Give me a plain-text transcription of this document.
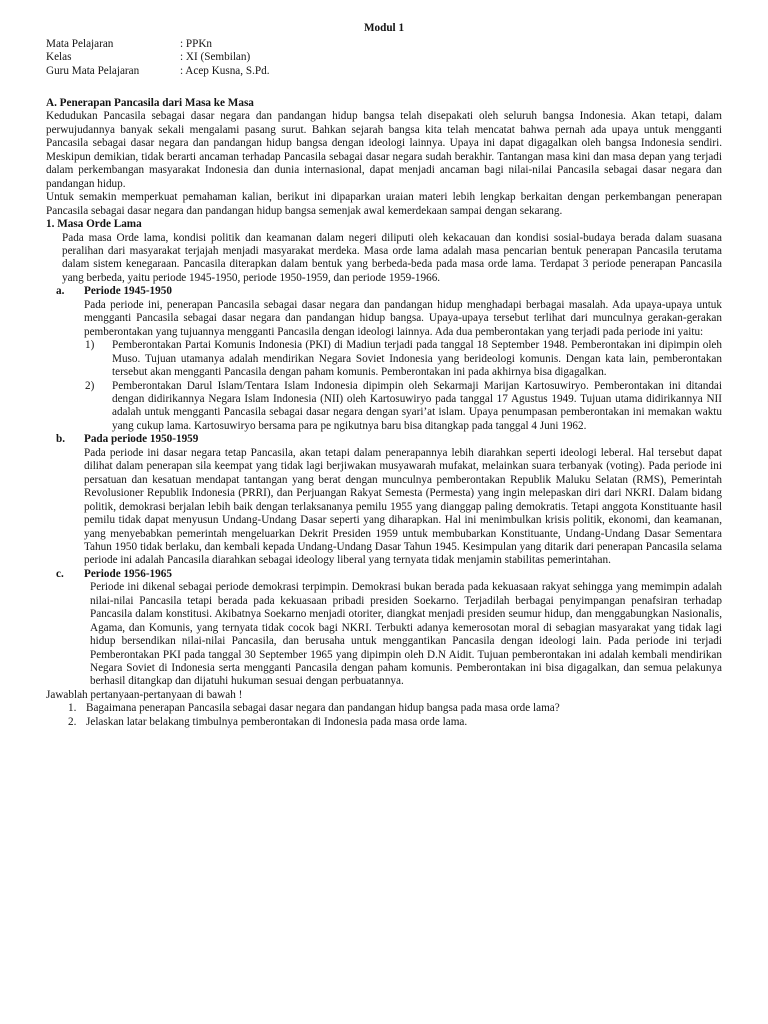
Modul 1
Mata Pelajaran	: PPKn
Kelas	: XI (Sembilan)
Guru Mata Pelajaran	: Acep Kusna, S.Pd.
A. Penerapan Pancasila dari Masa ke Masa

Kedudukan Pancasila sebagai dasar negara dan pandangan hidup bangsa telah disepakati oleh seluruh bangsa Indonesia. Akan tetapi, dalam perwujudannya banyak sekali mengalami pasang surut. Bahkan sejarah bangsa kita telah mencatat bahwa pernah ada upaya untuk mengganti Pancasila sebagai dasar negara dan pandangan hidup bangsa dengan ideologi lainnya. Upaya ini dapat digagalkan oleh bangsa Indonesia sendiri. Meskipun demikian, tidak berarti ancaman terhadap Pancasila sebagai dasar negara sudah berakhir. Tantangan masa kini dan masa depan yang terjadi dalam perkembangan masyarakat Indonesia dan dunia internasional, dapat menjadi ancaman bagi nilai-nilai Pancasila sebagai dasar negara dan pandangan hidup.

Untuk semakin memperkuat pemahaman kalian, berikut ini dipaparkan uraian materi lebih lengkap berkaitan dengan perkembangan penerapan Pancasila sebagai dasar negara dan pandangan hidup bangsa semenjak awal kemerdekaan sampai dengan sekarang.

1. Masa Orde Lama

Pada masa Orde lama, kondisi politik dan keamanan dalam negeri diliputi oleh kekacauan dan kondisi sosial-budaya berada dalam suasana peralihan dari masyarakat terjajah menjadi masyarakat merdeka. Masa orde lama adalah masa pencarian bentuk penerapan Pancasila terutama dalam sistem kenegaraan. Pancasila diterapkan dalam bentuk yang berbeda-beda pada masa orde lama. Terdapat 3 periode penerapan Pancasila yang berbeda, yaitu periode 1945-1950, periode 1950-1959, dan periode 1959-1966.

a.	Periode 1945-1950

Pada periode ini, penerapan Pancasila sebagai dasar negara dan pandangan hidup menghadapi berbagai masalah. Ada upaya-upaya untuk mengganti Pancasila sebagai dasar negara dan pandangan hidup bangsa. Upaya-upaya tersebut terlihat dari munculnya gerakan-gerakan pemberontakan yang tujuannya mengganti Pancasila dengan ideologi lainnya. Ada dua pemberontakan yang terjadi pada periode ini yaitu:

1)	Pemberontakan Partai Komunis Indonesia (PKI) di Madiun terjadi pada tanggal 18 September 1948. Pemberontakan ini dipimpin oleh Muso. Tujuan utamanya adalah mendirikan Negara Soviet Indonesia yang berideologi komunis. Dengan kata lain, pemberontakan tersebut akan mengganti Pancasila dengan paham komunis. Pemberontakan ini pada akhirnya bisa digagalkan.
2)	Pemberontakan Darul Islam/Tentara Islam Indonesia dipimpin oleh Sekarmaji Marijan Kartosuwiryo. Pemberontakan ini ditandai dengan didirikannya Negara Islam Indonesia (NII) oleh Kartosuwiryo pada tanggal 17 Agustus 1949. Tujuan utama didirikannya NII adalah untuk mengganti Pancasila sebagai dasar negara dengan syari’at islam. Upaya penumpasan pemberontakan ini memakan waktu yang cukup lama. Kartosuwiryo bersama para pe ngikutnya baru bisa ditangkap pada tanggal 4 Juni 1962.
b.	Pada periode 1950-1959

Pada periode ini dasar negara tetap Pancasila, akan tetapi dalam penerapannya lebih diarahkan seperti ideologi leberal. Hal tersebut dapat dilihat dalam penerapan sila keempat yang tidak lagi berjiwakan musyawarah mufakat, melainkan suara terbanyak (voting). Pada periode ini persatuan dan kesatuan mendapat tantangan yang berat dengan munculnya pemberontakan Republik Maluku Selatan (RMS), Pemerintah Revolusioner Republik Indonesia (PRRI), dan Perjuangan Rakyat Semesta (Permesta) yang ingin melepaskan diri dari NKRI. Dalam bidang politik, demokrasi berjalan lebih baik dengan terlaksananya pemilu 1955 yang dianggap paling demokratis. Tetapi anggota Konstituante hasil pemilu tidak dapat menyusun Undang-Undang Dasar seperti yang diharapkan. Hal ini menimbulkan krisis politik, ekonomi, dan keamanan, yang menyebabkan pemerintah mengeluarkan Dekrit Presiden 1959 untuk membubarkan Konstituante, Undang-Undang Dasar Sementara Tahun 1950 tidak berlaku, dan kembali kepada Undang-Undang Dasar Tahun 1945. Kesimpulan yang ditarik dari penerapan Pancasila selama periode ini adalah Pancasila diarahkan sebagai ideology liberal yang ternyata tidak menjamin stabilitas pemerintahan.

c.	Periode 1956-1965

Periode ini dikenal sebagai periode demokrasi terpimpin. Demokrasi bukan berada pada kekuasaan rakyat sehingga yang memimpin adalah nilai-nilai Pancasila tetapi berada pada kekuasaan pribadi presiden Soekarno. Terjadilah berbagai penyimpangan penafsiran terhadap Pancasila dalam konstitusi. Akibatnya Soekarno menjadi otoriter, diangkat menjadi presiden seumur hidup, dan menggabungkan Nasionalis, Agama, dan Komunis, yang ternyata tidak cocok bagi NKRI. Terbukti adanya kemerosotan moral di sebagian masyarakat yang tidak lagi hidup bersendikan nilai-nilai Pancasila, dan berusaha untuk menggantikan Pancasila dengan ideologi lain. Pada periode ini terjadi Pemberontakan PKI pada tanggal 30 September 1965 yang dipimpin oleh D.N Aidit. Tujuan pemberontakan ini adalah kembali mendirikan Negara Soviet di Indonesia serta mengganti Pancasila dengan paham komunis. Pemberontakan ini bisa digagalkan, dan semua pelakunya berhasil ditangkap dan dijatuhi hukuman sesuai dengan perbuatannya.

Jawablah pertanyaan-pertanyaan di bawah !

1. Bagaimana penerapan Pancasila sebagai dasar negara dan pandangan hidup bangsa pada masa orde lama?
2. Jelaskan latar belakang timbulnya pemberontakan di Indonesia pada masa orde lama.
